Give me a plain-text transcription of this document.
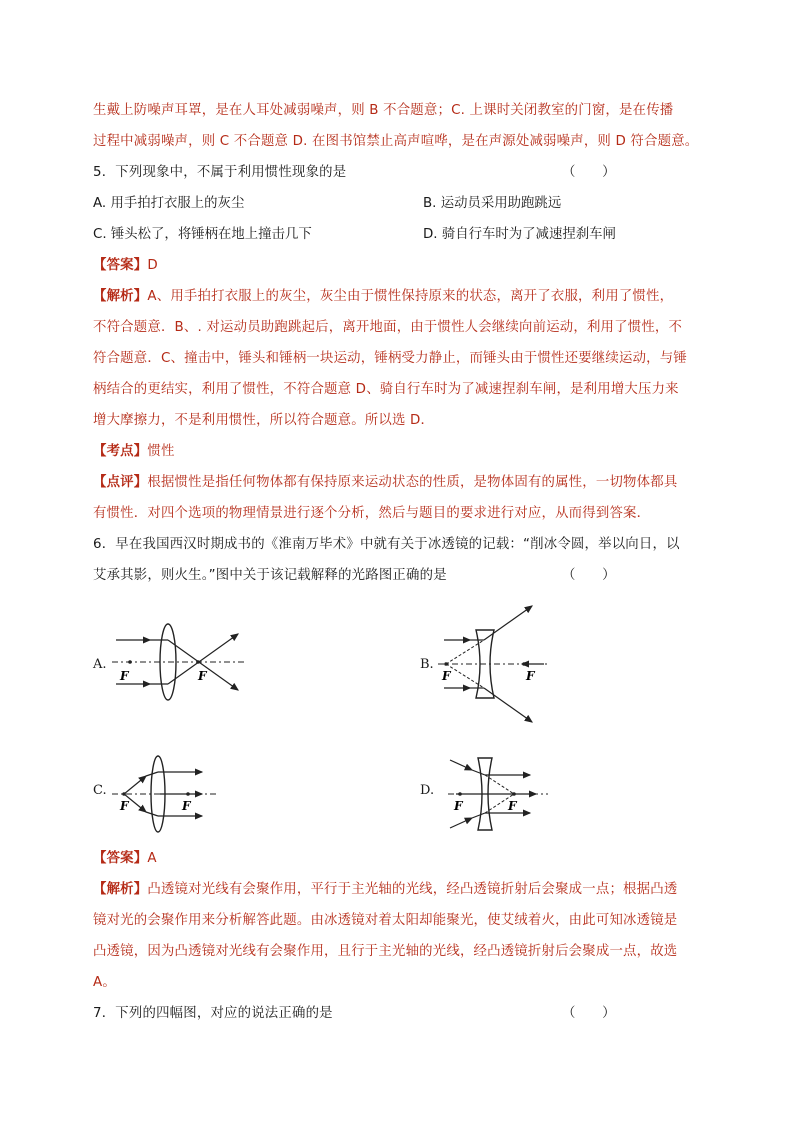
生戴上防噪声耳罩，是在人耳处减弱噪声，则 B 不合题意；C. 上课时关闭教室的门窗，是在传播
过程中减弱噪声，则 C 不合题意 D. 在图书馆禁止高声喧哗，是在声源处减弱噪声，则 D 符合题意。
5．下列现象中，不属于利用惯性现象的是	（　　）
A. 用手拍打衣服上的灰尘	B. 运动员采用助跑跳远
C. 锤头松了，将锤柄在地上撞击几下	D. 骑自行车时为了减速捏刹车闸
【答案】D
【解析】A、用手拍打衣服上的灰尘，灰尘由于惯性保持原来的状态，离开了衣服，利用了惯性，
不符合题意．B、. 对运动员助跑跳起后，离开地面，由于惯性人会继续向前运动，利用了惯性，不
符合题意．C、撞击中，锤头和锤柄一块运动，锤柄受力静止，而锤头由于惯性还要继续运动，与锤
柄结合的更结实，利用了惯性，不符合题意 D、骑自行车时为了减速捏刹车闸，是利用增大压力来
增大摩擦力，不是利用惯性，所以符合题意。所以选 D．
【考点】惯性
【点评】根据惯性是指任何物体都有保持原来运动状态的性质，是物体固有的属性，一切物体都具
有惯性．对四个选项的物理情景进行逐个分析，然后与题目的要求进行对应，从而得到答案．
6．早在我国西汉时期成书的《淮南万毕术》中就有关于冰透镜的记载：“削冰令圆，举以向日，以
艾承其影，则火生。”图中关于该记载解释的光路图正确的是	（　　）
A.	B.
C.	D.
F	F	F	F
F	F	F	F
【答案】A
【解析】凸透镜对光线有会聚作用，平行于主光轴的光线，经凸透镜折射后会聚成一点；根据凸透
镜对光的会聚作用来分析解答此题。由冰透镜对着太阳却能聚光，使艾绒着火，由此可知冰透镜是
凸透镜，因为凸透镜对光线有会聚作用，且行于主光轴的光线，经凸透镜折射后会聚成一点，故选
A。
7．下列的四幅图，对应的说法正确的是	（　　）
